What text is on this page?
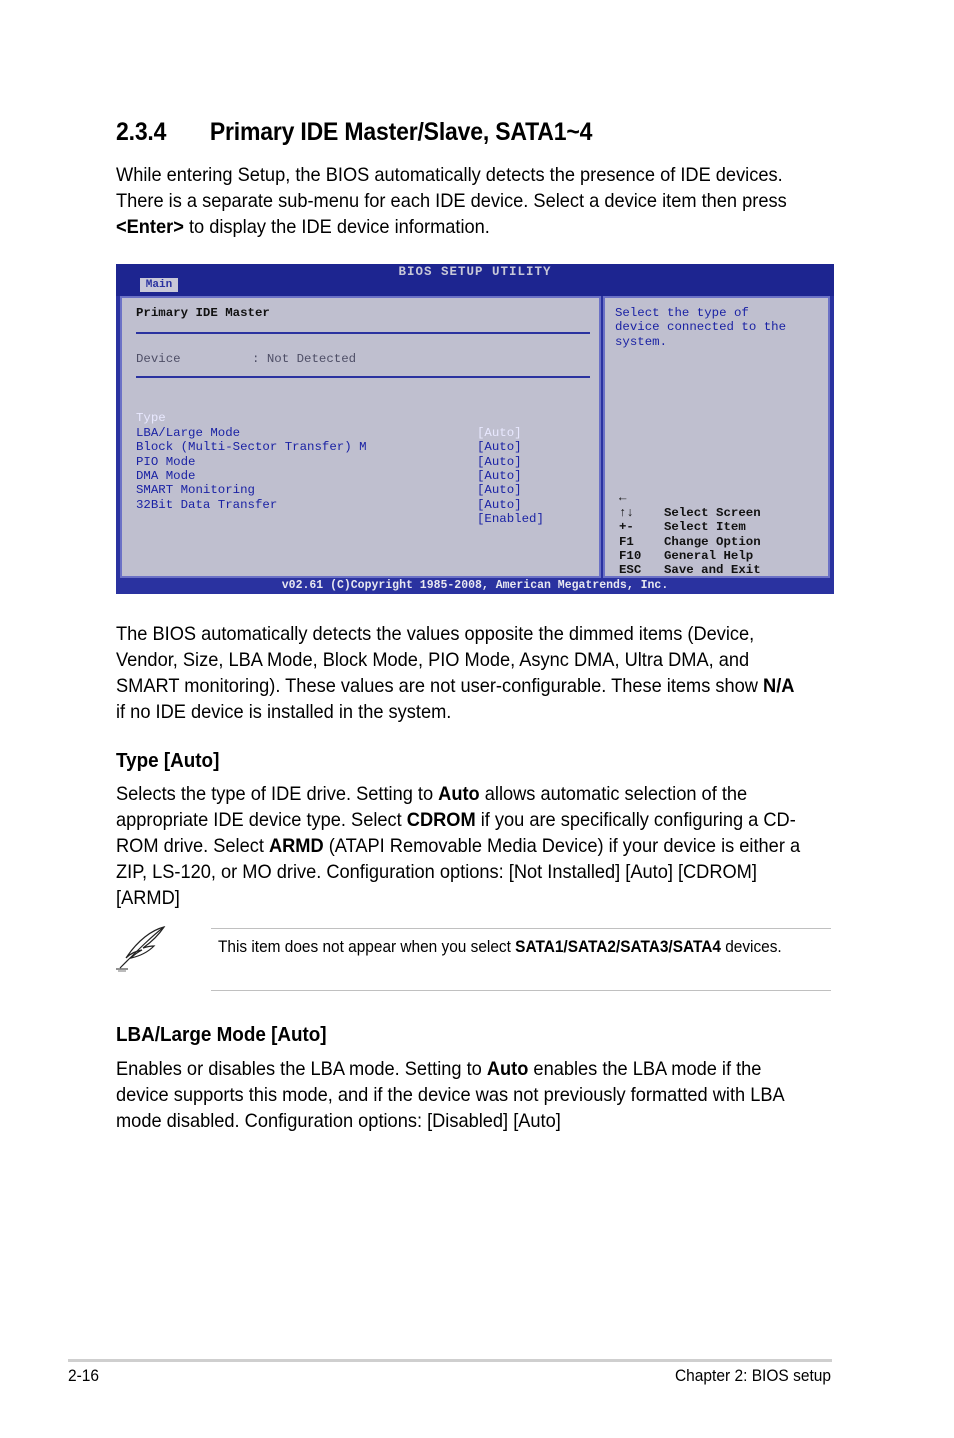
2.3.4 Primary IDE Master/Slave, SATA1~4

While entering Setup, the BIOS automatically detects the presence of IDE devices. There is a separate sub-menu for each IDE device. Select a device item then press <Enter> to display the IDE device information.

BIOS SETUP UTILITY
Main
Primary IDE Master
Device	: Not Detected

Type

[Auto]

LBA/Large Mode

[Auto]

Block (Multi-Sector Transfer) M

[Auto]

PIO Mode

[Auto]

DMA Mode

[Auto]

SMART Monitoring

[Auto]

32Bit Data Transfer

[Enabled]

Select the type of
device connected to the
system.

←

Select Screen

↑↓

Select Item

+-

Change Option

F1

General Help

F10

Save and Exit

ESC

v02.61 (C)Copyright 1985-2008, American Megatrends, Inc.

The BIOS automatically detects the values opposite the dimmed items (Device, Vendor, Size, LBA Mode, Block Mode, PIO Mode, Async DMA, Ultra DMA, and SMART monitoring). These values are not user-configurable. These items show N/A if no IDE device is installed in the system.

Type [Auto]

Selects the type of IDE drive. Setting to Auto allows automatic selection of the appropriate IDE device type. Select CDROM if you are specifically configuring a CD-ROM drive. Select ARMD (ATAPI Removable Media Device) if your device is either a ZIP, LS-120, or MO drive. Configuration options: [Not Installed] [Auto] [CDROM] [ARMD]

This item does not appear when you select SATA1/SATA2/SATA3/SATA4 devices.

LBA/Large Mode [Auto]

Enables or disables the LBA mode. Setting to Auto enables the LBA mode if the device supports this mode, and if the device was not previously formatted with LBA mode disabled. Configuration options: [Disabled] [Auto]

2-16	Chapter 2: BIOS setup
